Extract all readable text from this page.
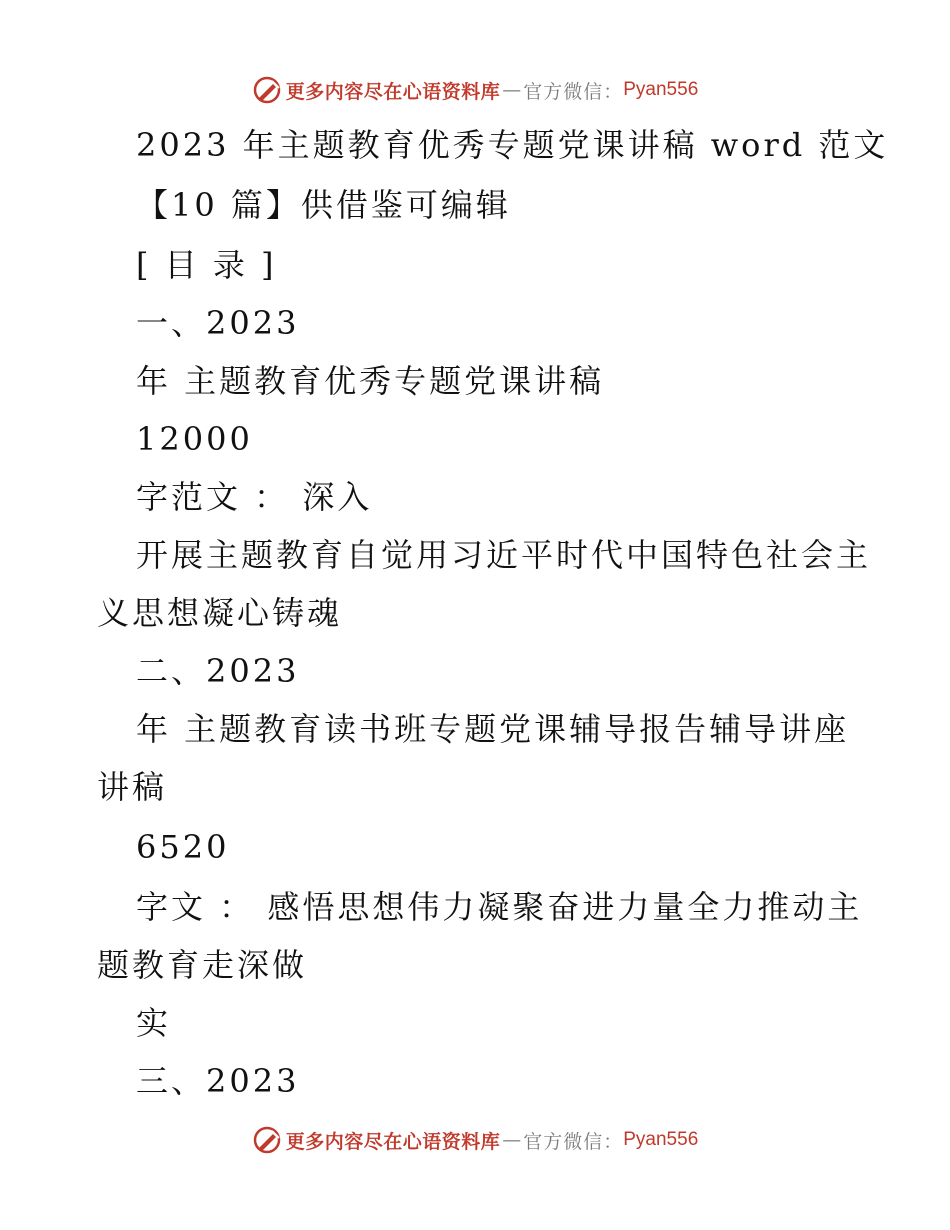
更多内容尽在心语资料库 — 官方微信： Pyan556
2023 年主题教育优秀专题党课讲稿 word 范文
【10 篇】供借鉴可编辑
[ 目 录 ]
一、2023
年 主题教育优秀专题党课讲稿
12000
字范文 ： 深入
开展主题教育自觉用习近平时代中国特色社会主
义思想凝心铸魂
二、2023
年 主题教育读书班专题党课辅导报告辅导讲座
讲稿
6520
字文 ： 感悟思想伟力凝聚奋进力量全力推动主
题教育走深做
实
三、2023
更多内容尽在心语资料库 — 官方微信： Pyan556
